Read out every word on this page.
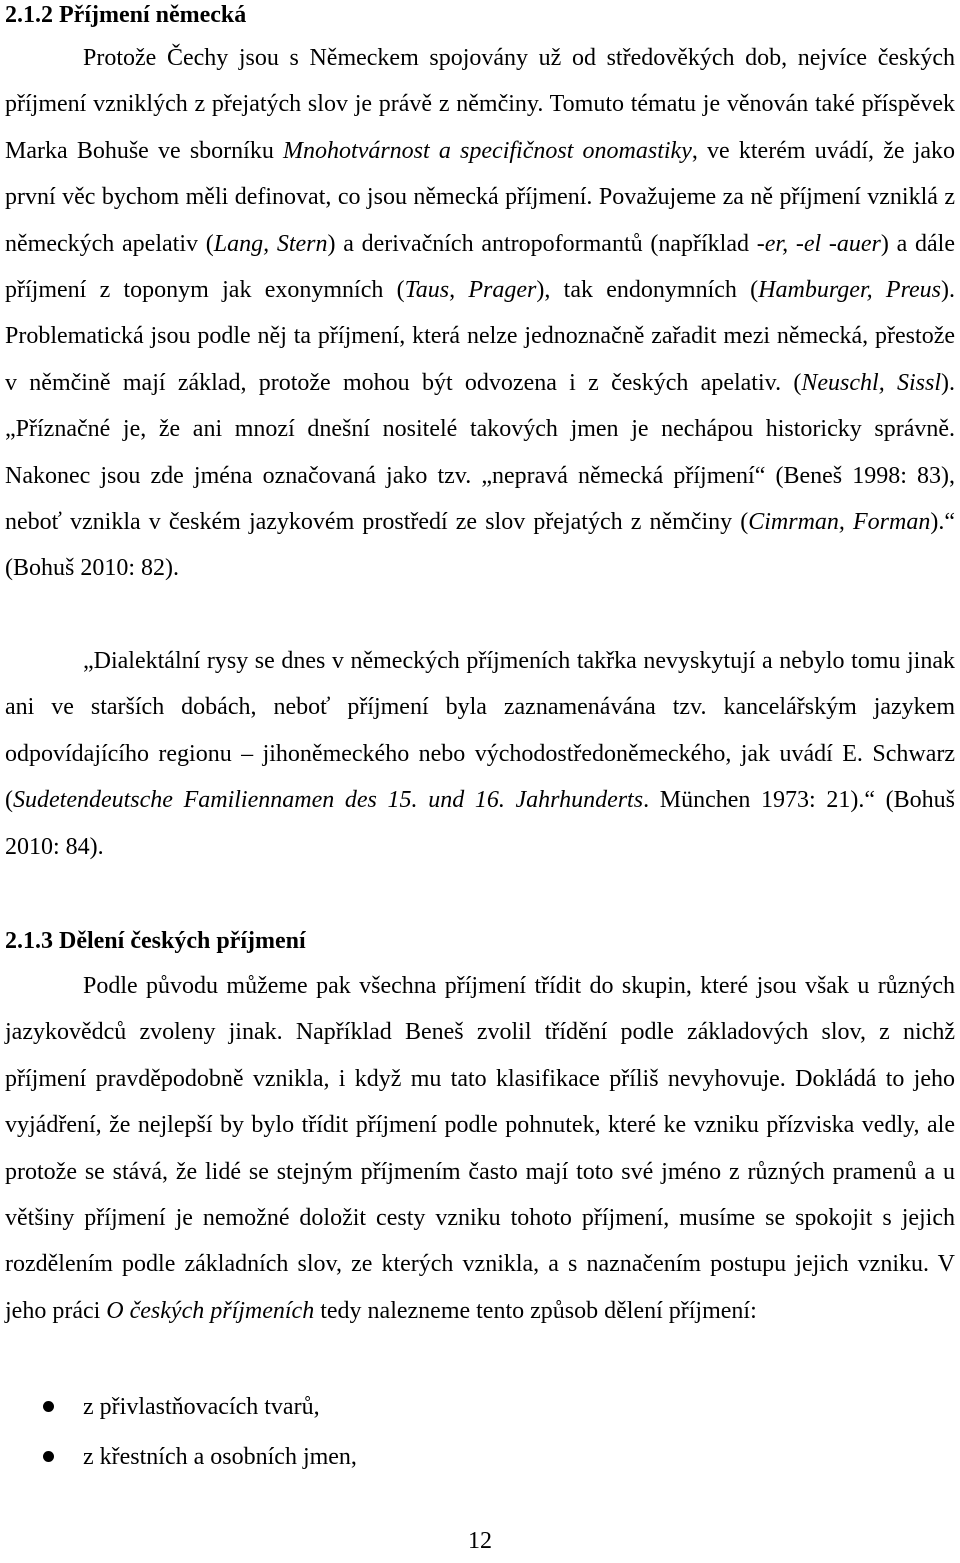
2.1.2 Příjmení německá

Protože Čechy jsou s Německem spojovány už od středověkých dob, nejvíce českých příjmení vzniklých z přejatých slov je právě z němčiny. Tomuto tématu je věnován také příspěvek Marka Bohuše ve sborníku Mnohotvárnost a specifičnost onomastiky, ve kterém uvádí, že jako první věc bychom měli definovat, co jsou německá příjmení. Považujeme za ně příjmení vzniklá z německých apelativ (Lang, Stern) a derivačních antropoformantů (například -er, -el -auer) a dále příjmení z toponym jak exonymních (Taus, Prager), tak endonymních (Hamburger, Preus). Problematická jsou podle něj ta příjmení, která nelze jednoznačně zařadit mezi německá, přestože v němčině mají základ, protože mohou být odvozena i z českých apelativ. (Neuschl, Sissl). „Příznačné je, že ani mnozí dnešní nositelé takových jmen je nechápou historicky správně. Nakonec jsou zde jména označovaná jako tzv. „nepravá německá příjmení“ (Beneš 1998: 83), neboť vznikla v českém jazykovém prostředí ze slov přejatých z němčiny (Cimrman, Forman).“ (Bohuš 2010: 82).

„Dialektální rysy se dnes v německých příjmeních takřka nevyskytují a nebylo tomu jinak ani ve starších dobách, neboť příjmení byla zaznamenávána tzv. kancelářským jazykem odpovídajícího regionu – jihoněmeckého nebo východostředoněmeckého, jak uvádí E. Schwarz (Sudetendeutsche Familiennamen des 15. und 16. Jahrhunderts. München 1973: 21).“ (Bohuš 2010: 84).

2.1.3 Dělení českých příjmení

Podle původu můžeme pak všechna příjmení třídit do skupin, které jsou však u různých jazykovědců zvoleny jinak. Například Beneš zvolil třídění podle základových slov, z nichž příjmení pravděpodobně vznikla, i když mu tato klasifikace příliš nevyhovuje. Dokládá to jeho vyjádření, že nejlepší by bylo třídit příjmení podle pohnutek, které ke vzniku přízviska vedly, ale protože se stává, že lidé se stejným příjmením často mají toto své jméno z různých pramenů a u většiny příjmení je nemožné doložit cesty vzniku tohoto příjmení, musíme se spokojit s jejich rozdělením podle základních slov, ze kterých vznikla, a s naznačením postupu jejich vzniku. V jeho práci O českých příjmeních tedy nalezneme tento způsob dělení příjmení:

z přivlastňovacích tvarů,
z křestních a osobních jmen,
12
